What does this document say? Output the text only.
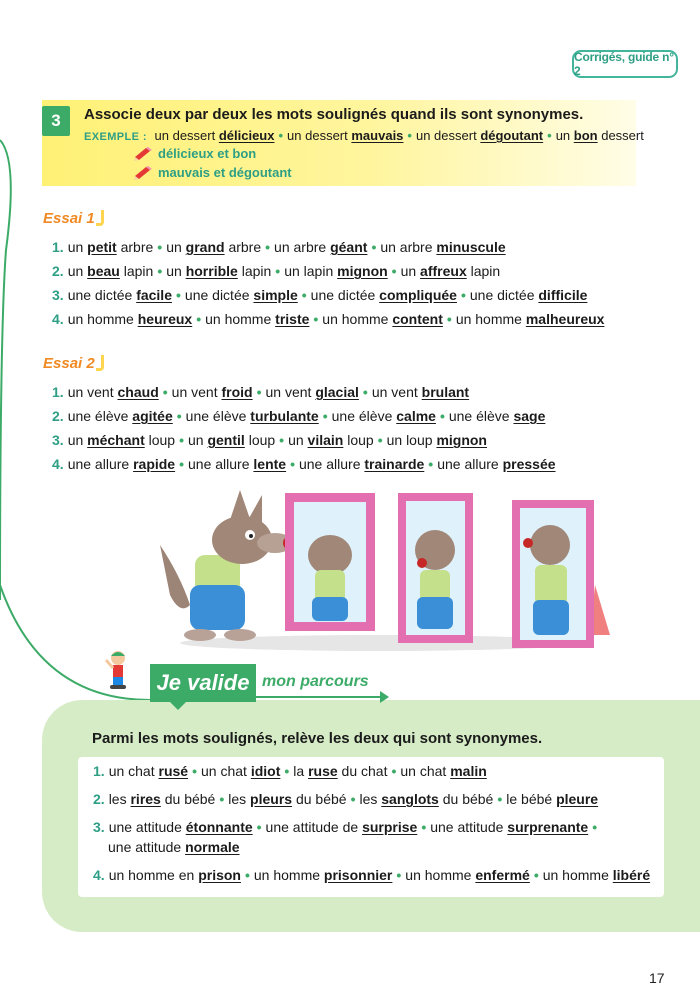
Corrigés, guide n° 2
3	Associe deux par deux les mots soulignés quand ils sont synonymes.
EXEMPLE : un dessert délicieux • un dessert mauvais • un dessert dégoutant • un bon dessert
délicieux et bon
mauvais et dégoutant
Essai 1
1. un petit arbre • un grand arbre • un arbre géant • un arbre minuscule
2. un beau lapin • un horrible lapin • un lapin mignon • un affreux lapin
3. une dictée facile • une dictée simple • une dictée compliquée • une dictée difficile
4. un homme heureux • un homme triste • un homme content • un homme malheureux
Essai 2
1. un vent chaud • un vent froid • un vent glacial • un vent brulant
2. une élève agitée • une élève turbulante • une élève calme • une élève sage
3. un méchant loup • un gentil loup • un vilain loup • un loup mignon
4. une allure rapide • une allure lente • une allure trainarde • une allure pressée
Je valide mon parcours
Parmi les mots soulignés, relève les deux qui sont synonymes.
1. un chat rusé • un chat idiot • la ruse du chat • un chat malin
2. les rires du bébé • les pleurs du bébé • les sanglots du bébé • le bébé pleure
3. une attitude étonnante • une attitude de surprise • une attitude surprenante •
une attitude normale
4. un homme en prison • un homme prisonnier • un homme enfermé • un homme libéré
17
